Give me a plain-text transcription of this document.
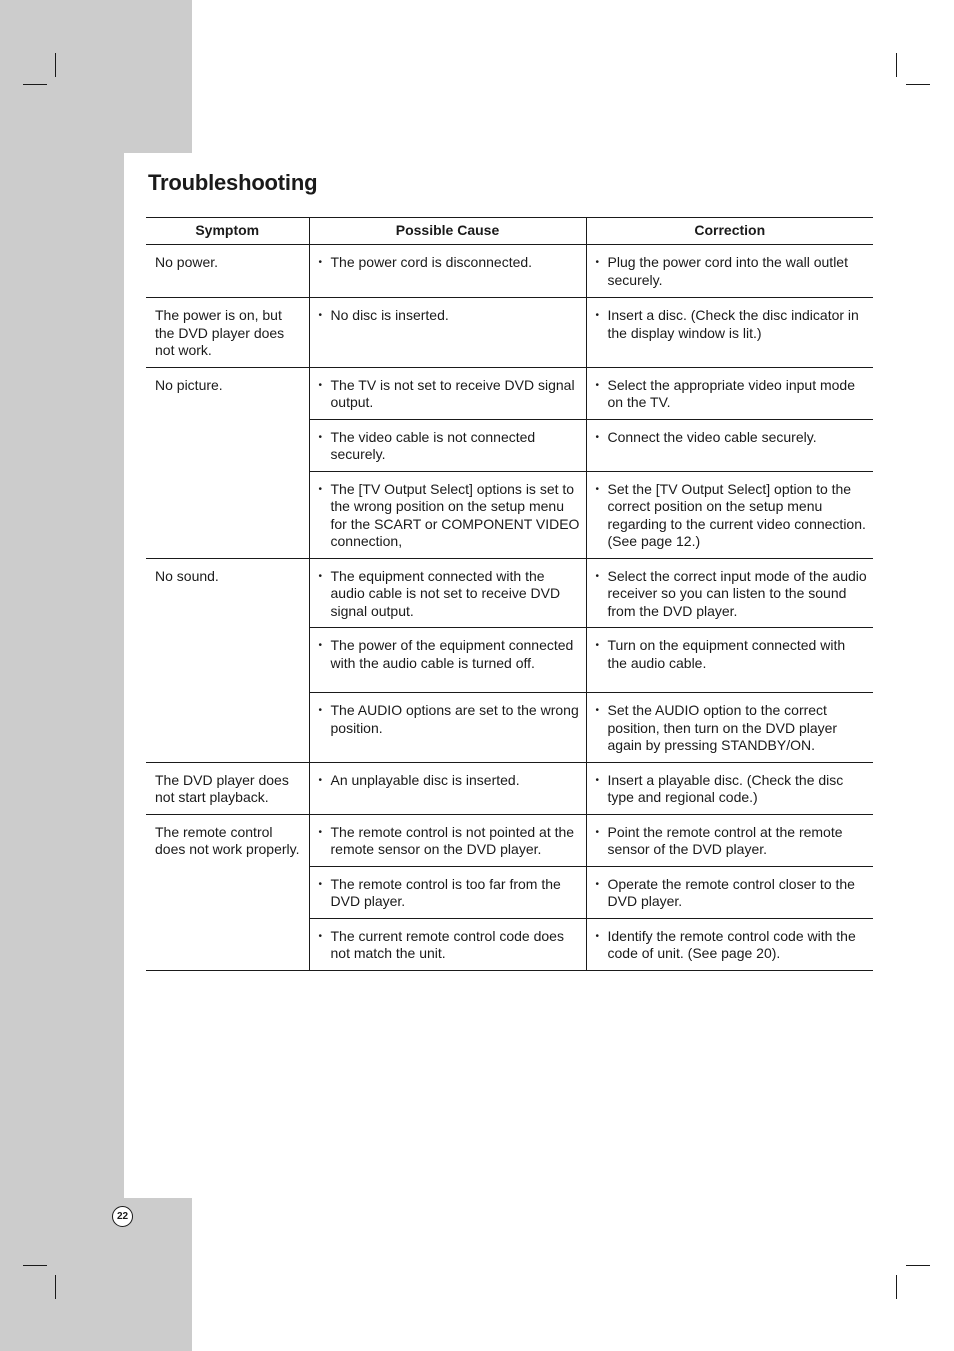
Troubleshooting
Symptom	Possible Cause	Correction
No power.	• The power cord is disconnected.	• Plug the power cord into the wall outlet securely.

The power is on, but the DVD player does not work.	• No disc is inserted.	• Insert a disc. (Check the disc indicator in the display window is lit.)

No picture.	• The TV is not set to receive DVD signal output.	• Select the appropriate video input mode on the TV.

	• The video cable is not connected securely.	• Connect the video cable securely.

	• The [TV Output Select] options is set to the wrong position on the setup menu for the SCART or COMPONENT VIDEO connection,	• Set the [TV Output Select] option to the correct position on the setup menu regarding to the current video connection. (See page 12.)

No sound.	• The equipment connected with the audio cable is not set to receive DVD signal output.	• Select the correct input mode of the audio receiver so you can listen to the sound from the DVD player.

	• The power of the equipment connected with the audio cable is turned off.	• Turn on the equipment connected with the audio cable.

	• The AUDIO options are set to the wrong position.	• Set the AUDIO option to the correct position, then turn on the DVD player again by pressing STANDBY/ON.

The DVD player does not start playback.	• An unplayable disc is inserted.	• Insert a playable disc. (Check the disc type and regional code.)

The remote control does not work properly.	• The remote control is not pointed at the remote sensor on the DVD player.	• Point the remote control at the remote sensor of the DVD player.

	• The remote control is too far from the DVD player.	• Operate the remote control closer to the DVD player.

	• The current remote control code does not match the unit.	• Identify the remote control code with the code of unit. (See page 20).
22
